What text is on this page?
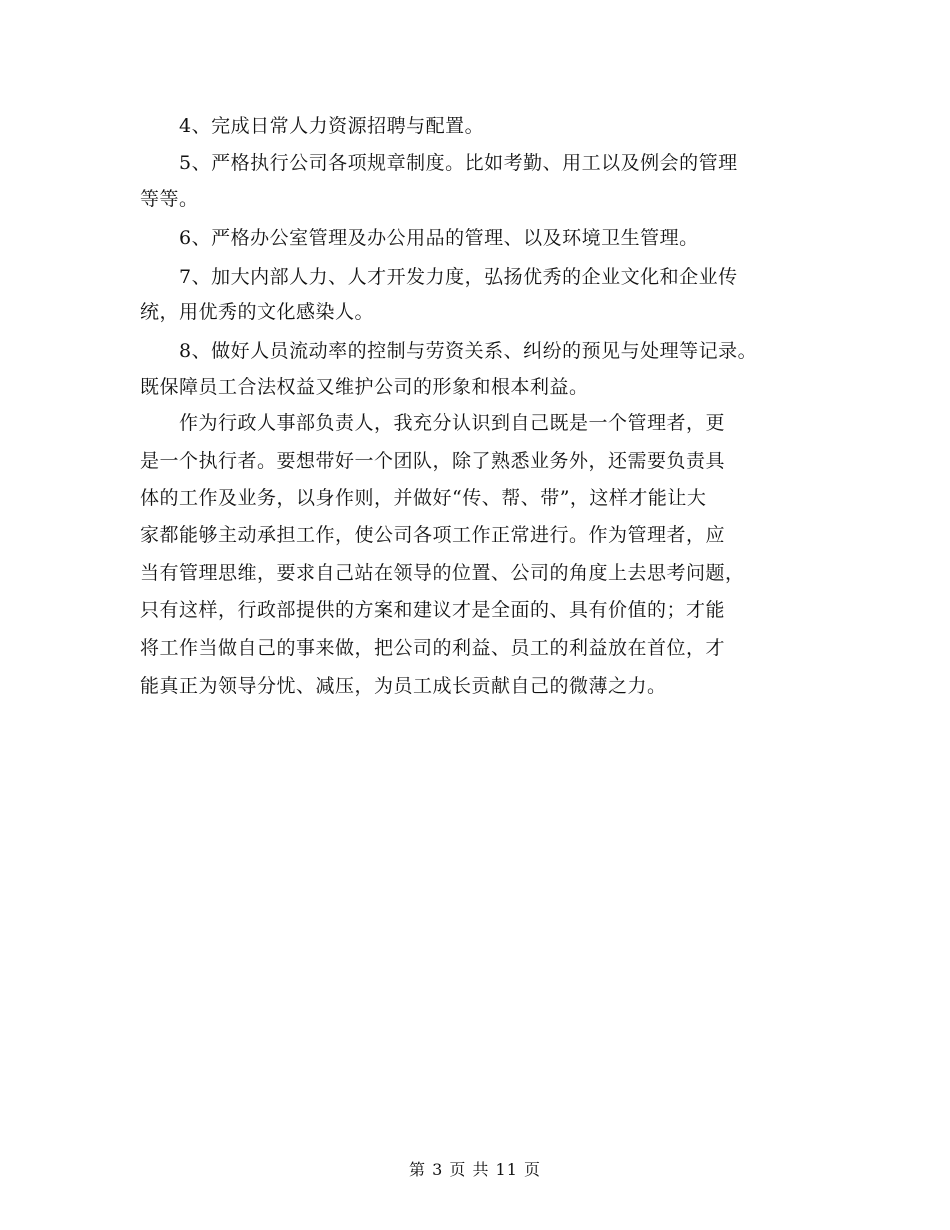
　　4、完成日常人力资源招聘与配置。
　　5、严格执行公司各项规章制度。比如考勤、用工以及例会的管理
等等。
　　6、严格办公室管理及办公用品的管理、以及环境卫生管理。
　　7、加大内部人力、人才开发力度，弘扬优秀的企业文化和企业传
统，用优秀的文化感染人。
　　8、做好人员流动率的控制与劳资关系、纠纷的预见与处理等记录。
既保障员工合法权益又维护公司的形象和根本利益。
　　作为行政人事部负责人，我充分认识到自己既是一个管理者，更
是一个执行者。要想带好一个团队，除了熟悉业务外，还需要负责具
体的工作及业务，以身作则，并做好“传、帮、带”，这样才能让大
家都能够主动承担工作，使公司各项工作正常进行。作为管理者，应
当有管理思维，要求自己站在领导的位置、公司的角度上去思考问题，
只有这样，行政部提供的方案和建议才是全面的、具有价值的；才能
将工作当做自己的事来做，把公司的利益、员工的利益放在首位，才
能真正为领导分忧、减压，为员工成长贡献自己的微薄之力。
第 3 页 共 11 页
